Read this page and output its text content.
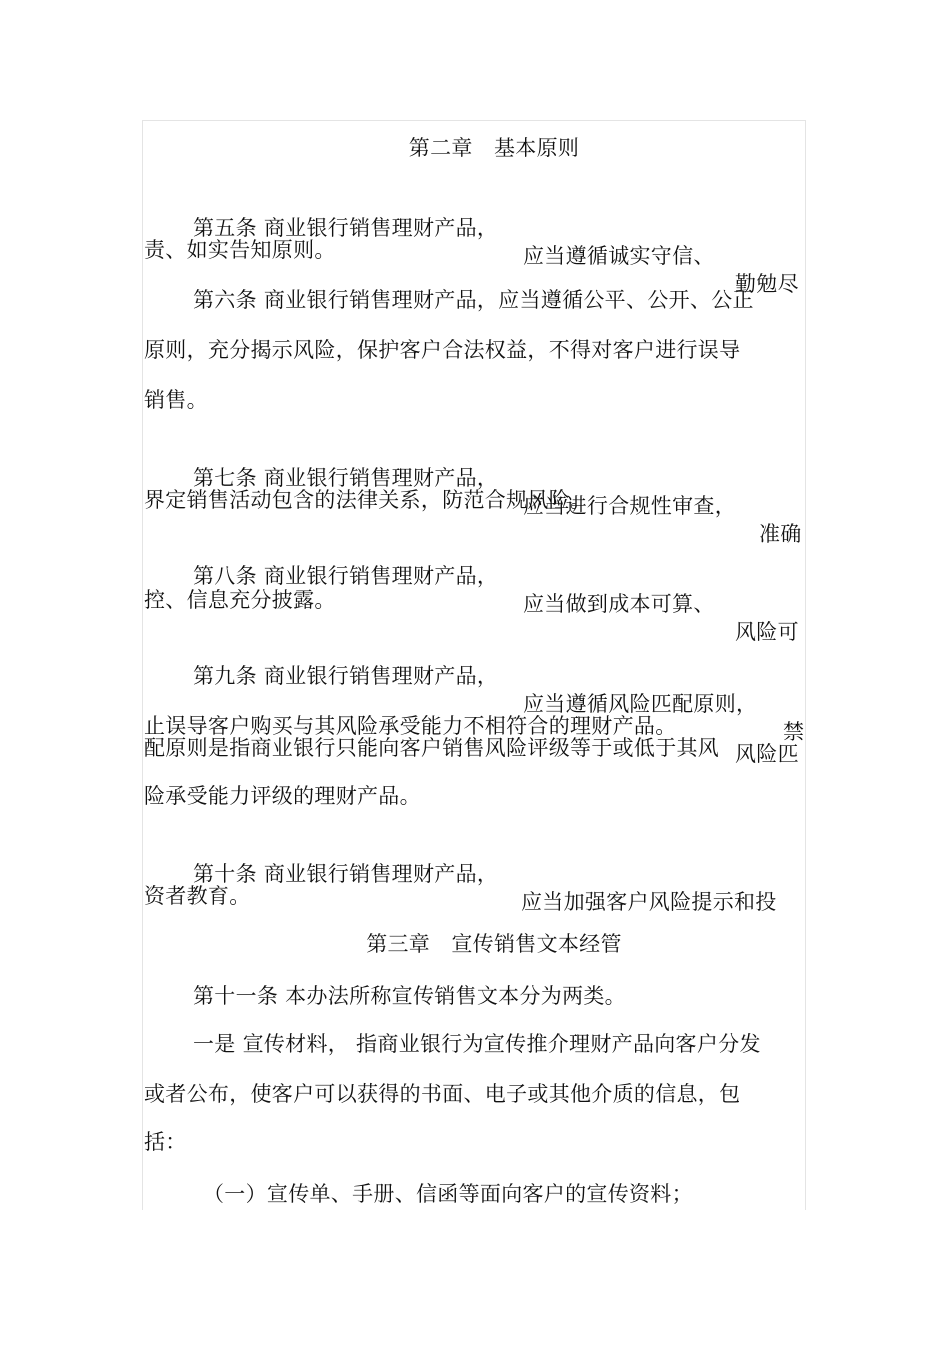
第二章　基本原则

第五条 商业银行销售理财产品，

应当遵循诚实守信、

勤勉尽

责、如实告知原则。
第六条 商业银行销售理财产品，应当遵循公平、公开、公正
原则，充分揭示风险，保护客户合法权益，不得对客户进行误导
销售。

第七条 商业银行销售理财产品，

应当进行合规性审查，

准确

界定销售活动包含的法律关系，防范合规风险。

第八条 商业银行销售理财产品，

应当做到成本可算、

风险可

控、信息充分披露。

第九条 商业银行销售理财产品，

应当遵循风险匹配原则，

禁

止误导客户购买与其风险承受能力不相符合的理财产品。

风险匹

配原则是指商业银行只能向客户销售风险评级等于或低于其风
险承受能力评级的理财产品。

第十条 商业银行销售理财产品，

应当加强客户风险提示和投

资者教育。
第三章　宣传销售文本经管
第十一条 本办法所称宣传销售文本分为两类。
一是 宣传材料， 指商业银行为宣传推介理财产品向客户分发
或者公布，使客户可以获得的书面、电子或其他介质的信息，包
括：
（一）宣传单、手册、信函等面向客户的宣传资料；
